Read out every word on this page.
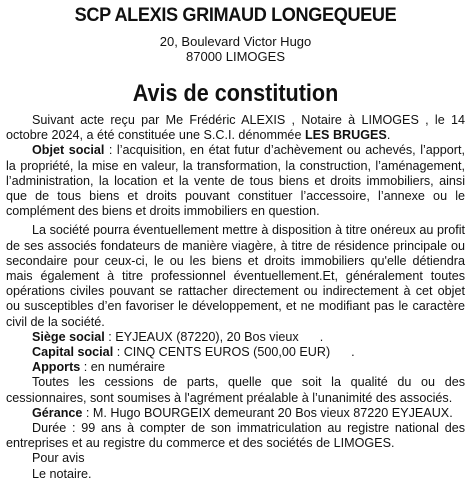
SCP ALEXIS GRIMAUD LONGEQUEUE

20, Boulevard Victor Hugo

87000 LIMOGES

Avis de constitution

Suivant acte reçu par Me Frédéric ALEXIS , Notaire à LIMOGES , le 14 octobre 2024, a été constituée une S.C.I. dénommée LES BRUGES.

Objet social : l’acquisition, en état futur d’achèvement ou achevés, l’apport, la propriété, la mise en valeur, la transformation, la construction, l’aménagement, l’administration, la location et la vente de tous biens et droits immobiliers, ainsi que de tous biens et droits pouvant constituer l’accessoire, l’annexe ou le complément des biens et droits immobiliers en question.

La société pourra éventuellement mettre à disposition à titre onéreux au profit de ses associés fondateurs de manière viagère, à titre de résidence principale ou secondaire pour ceux-ci, le ou les biens et droits immobiliers qu'elle détiendra mais également à titre professionnel éventuellement.Et, généralement toutes opérations civiles pouvant se rattacher directement ou indirectement à cet objet ou susceptibles d’en favoriser le développement, et ne modifiant pas le caractère civil de la société.

Siège social : EYJEAUX (87220), 20 Bos vieux      .

Capital social : CINQ CENTS EUROS (500,00 EUR)      .

Apports : en numéraire

Toutes les cessions de parts, quelle que soit la qualité du ou des cessionnaires, sont soumises à l'agrément préalable à l’unanimité des associés.

Gérance : M. Hugo BOURGEIX demeurant 20 Bos vieux 87220 EYJEAUX.

Durée : 99 ans à compter de son immatriculation au registre national des entreprises et au registre du commerce et des sociétés de LIMOGES.

Pour avis

Le notaire.
